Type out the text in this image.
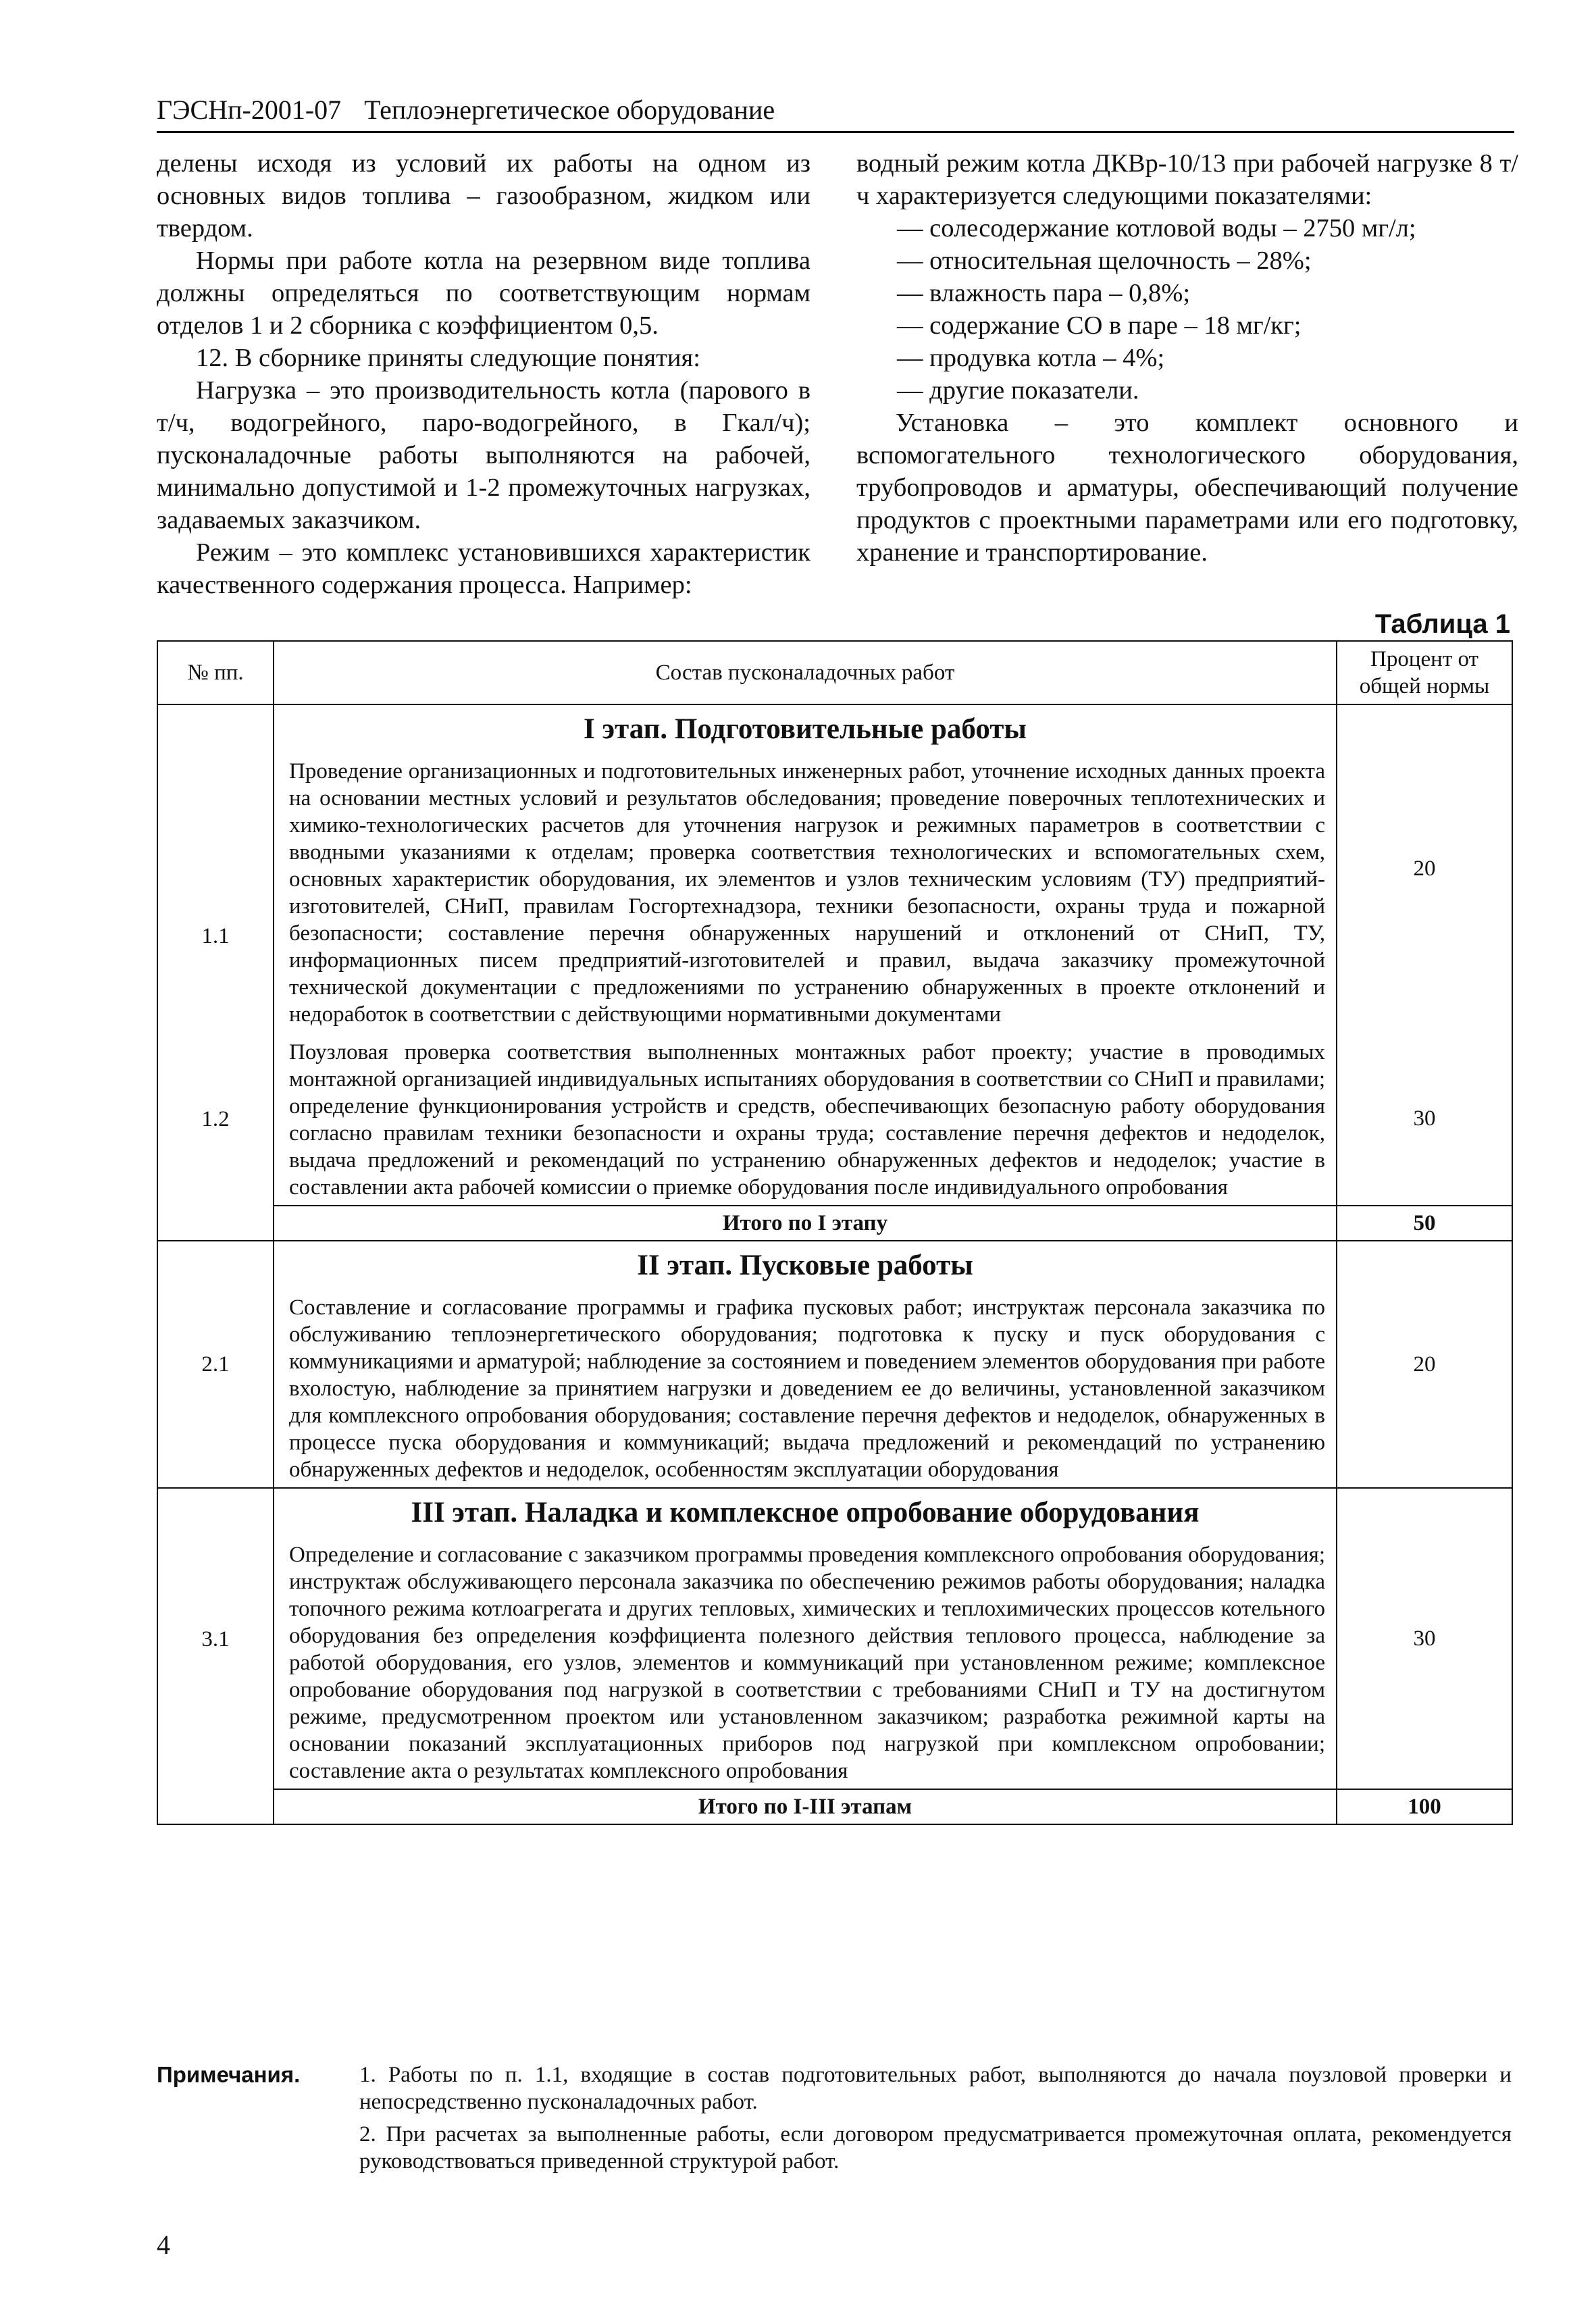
ГЭСНп-2001-07 Теплоэнергетическое оборудование

делены исходя из условий их работы на одном из основных видов топлива – газообразном, жидком или твердом.

Нормы при работе котла на резервном виде топлива должны определяться по соответствующим нормам отделов 1 и 2 сборника с коэффициентом 0,5.

12. В сборнике приняты следующие понятия:

Нагрузка – это производительность котла (парового в т/ч, водогрейного, паро-водогрейного, в Гкал/ч); пусконаладочные работы выполняются на рабочей, минимально допустимой и 1-2 промежуточных нагрузках, задаваемых заказчиком.

Режим – это комплекс установившихся характеристик качественного содержания процесса. Например:

водный режим котла ДКВр-10/13 при рабочей нагрузке 8 т/ч характеризуется следующими показателями:

— солесодержание котловой воды – 2750 мг/л;

— относительная щелочность – 28%;

— влажность пара – 0,8%;

— содержание CO в паре – 18 мг/кг;

— продувка котла – 4%;

— другие показатели.

Установка – это комплект основного и вспомогательного технологического оборудования, трубопроводов и арматуры, обеспечивающий получение продуктов с проектными параметрами или его подготовку, хранение и транспортирование.

Таблица 1
№ пп.	Состав пусконаладочных работ	Процент от общей нормы

1.1	I этап. Подготовительные работы	20
	Проведение организационных и подготовительных инженерных работ, уточнение исходных данных проекта на основании местных условий и результатов обследования; проведение поверочных теплотехнических и химико-технологических расчетов для уточнения нагрузок и режимных параметров в соответствии с вводными указаниями к отделам; проверка соответствия технологических и вспомогательных схем, основных характеристик оборудования, их элементов и узлов техническим условиям (ТУ) предприятий-изготовителей, СНиП, правилам Госгортехнадзора, техники безопасности, охраны труда и пожарной безопасности; составление перечня обнаруженных нарушений и отклонений от СНиП, ТУ, информационных писем предприятий-изготовителей и правил, выдача заказчику промежуточной технической документации с предложениями по устранению обнаруженных в проекте отклонений и недоработок в соответствии с действующими нормативными документами	

1.2	Поузловая проверка соответствия выполненных монтажных работ проекту; участие в проводимых монтажной организацией индивидуальных испытаниях оборудования в соответствии со СНиП и правилами; определение функционирования устройств и средств, обеспечивающих безопасную работу оборудования согласно правилам техники безопасности и охраны труда; составление перечня дефектов и недоделок, выдача предложений и рекомендаций по устранению обнаруженных дефектов и недоделок; участие в составлении акта рабочей комиссии о приемке оборудования после индивидуального опробования	30
	Итого по I этапу	50
2.1	II этап. Пусковые работы	20
	Составление и согласование программы и графика пусковых работ; инструктаж персонала заказчика по обслуживанию теплоэнергетического оборудования; подготовка к пуску и пуск оборудования с коммуникациями и арматурой; наблюдение за состоянием и поведением элементов оборудования при работе вхолостую, наблюдение за принятием нагрузки и доведением ее до величины, установленной заказчиком для комплексного опробования оборудования; составление перечня дефектов и недоделок, обнаруженных в процессе пуска оборудования и коммуникаций; выдача предложений и рекомендаций по устранению обнаруженных дефектов и недоделок, особенностям эксплуатации оборудования	
3.1	III этап. Наладка и комплексное опробование оборудования	30
	Определение и согласование с заказчиком программы проведения комплексного опробования оборудования; инструктаж обслуживающего персонала заказчика по обеспечению режимов работы оборудования; наладка топочного режима котлоагрегата и других тепловых, химических и теплохимических процессов котельного оборудования без определения коэффициента полезного действия теплового процесса, наблюдение за работой оборудования, его узлов, элементов и коммуникаций при установленном режиме; комплексное опробование оборудования под нагрузкой в соответствии с требованиями СНиП и ТУ на достигнутом режиме, предусмотренном проектом или установленном заказчиком; разработка режимной карты на основании показаний эксплуатационных приборов под нагрузкой при комплексном опробовании; составление акта о результатах комплексного опробования	
	Итого по I-III этапам	100
Примечания.	1. Работы по п. 1.1, входящие в состав подготовительных работ, выполняются до начала поузловой проверки и непосредственно пусконаладочных работ.

2. При расчетах за выполненные работы, если договором предусматривается промежуточная оплата, рекомендуется руководствоваться приведенной структурой работ.

4
